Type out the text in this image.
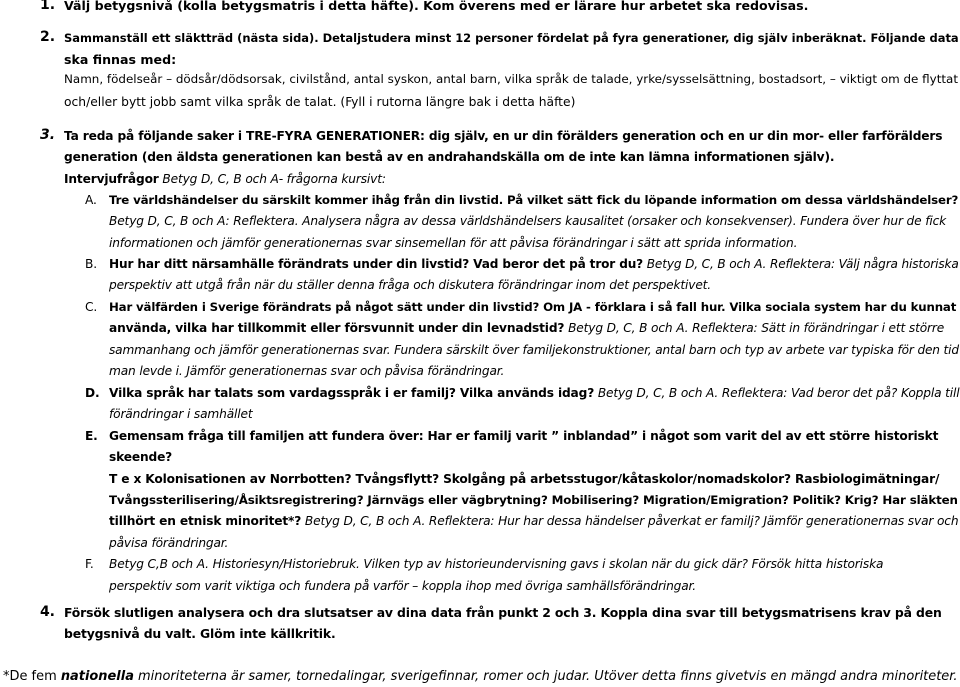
1. Välj betygsnivå (kolla betygsmatris i detta häfte). Kom överens med er lärare hur arbetet ska redovisas.
2. Sammanställ ett släktträd (nästa sida). Detaljstudera minst 12 personer fördelat på fyra generationer, dig själv inberäknat. Följande data
ska finnas med:
Namn, födelseår – dödsår/dödsorsak, civilstånd, antal syskon, antal barn, vilka språk de talade, yrke/sysselsättning, bostadsort, – viktigt om de flyttat
och/eller bytt jobb samt vilka språk de talat. (Fyll i rutorna längre bak i detta häfte)
3. Ta reda på följande saker i TRE-FYRA GENERATIONER: dig själv, en ur din förälders generation och en ur din mor- eller farförälders
generation (den äldsta generationen kan bestå av en andrahandskälla om de inte kan lämna informationen själv).
Intervjufrågor Betyg D, C, B och A- frågorna kursivt:
A. Tre världshändelser du särskilt kommer ihåg från din livstid. På vilket sätt fick du löpande information om dessa världshändelser?
Betyg D, C, B och A: Reflektera. Analysera några av dessa världshändelsers kausalitet (orsaker och konsekvenser). Fundera över hur de fick
informationen och jämför generationernas svar sinsemellan för att påvisa förändringar i sätt att sprida information.
B. Hur har ditt närsamhälle förändrats under din livstid? Vad beror det på tror du? Betyg D, C, B och A. Reflektera: Välj några historiska
perspektiv att utgå från när du ställer denna fråga och diskutera förändringar inom det perspektivet.
C. Har välfärden i Sverige förändrats på något sätt under din livstid? Om JA - förklara i så fall hur. Vilka sociala system har du kunnat
använda, vilka har tillkommit eller försvunnit under din levnadstid? Betyg D, C, B och A. Reflektera: Sätt in förändringar i ett större
sammanhang och jämför generationernas svar. Fundera särskilt över familjekonstruktioner, antal barn och typ av arbete var typiska för den tid
man levde i. Jämför generationernas svar och påvisa förändringar.
D. Vilka språk har talats som vardagsspråk i er familj? Vilka används idag? Betyg D, C, B och A. Reflektera: Vad beror det på? Koppla till
förändringar i samhället
E. Gemensam fråga till familjen att fundera över: Har er familj varit ” inblandad” i något som varit del av ett större historiskt
skeende?
T e x Kolonisationen av Norrbotten? Tvångsflytt? Skolgång på arbetsstugor/kåtaskolor/nomadskolor? Rasbiologimätningar/
Tvångssterilisering/Åsiktsregistrering? Järnvägs eller vägbrytning? Mobilisering? Migration/Emigration? Politik? Krig? Har släkten
tillhört en etnisk minoritet*? Betyg D, C, B och A. Reflektera: Hur har dessa händelser påverkat er familj? Jämför generationernas svar och
påvisa förändringar.
F. Betyg C,B och A. Historiesyn/Historiebruk. Vilken typ av historieundervisning gavs i skolan när du gick där? Försök hitta historiska
perspektiv som varit viktiga och fundera på varför – koppla ihop med övriga samhällsförändringar.
4. Försök slutligen analysera och dra slutsatser av dina data från punkt 2 och 3. Koppla dina svar till betygsmatrisens krav på den
betygsnivå du valt. Glöm inte källkritik.
*De fem nationella minoriteterna är samer, tornedalingar, sverigefinnar, romer och judar. Utöver detta finns givetvis en mängd andra minoriteter.
